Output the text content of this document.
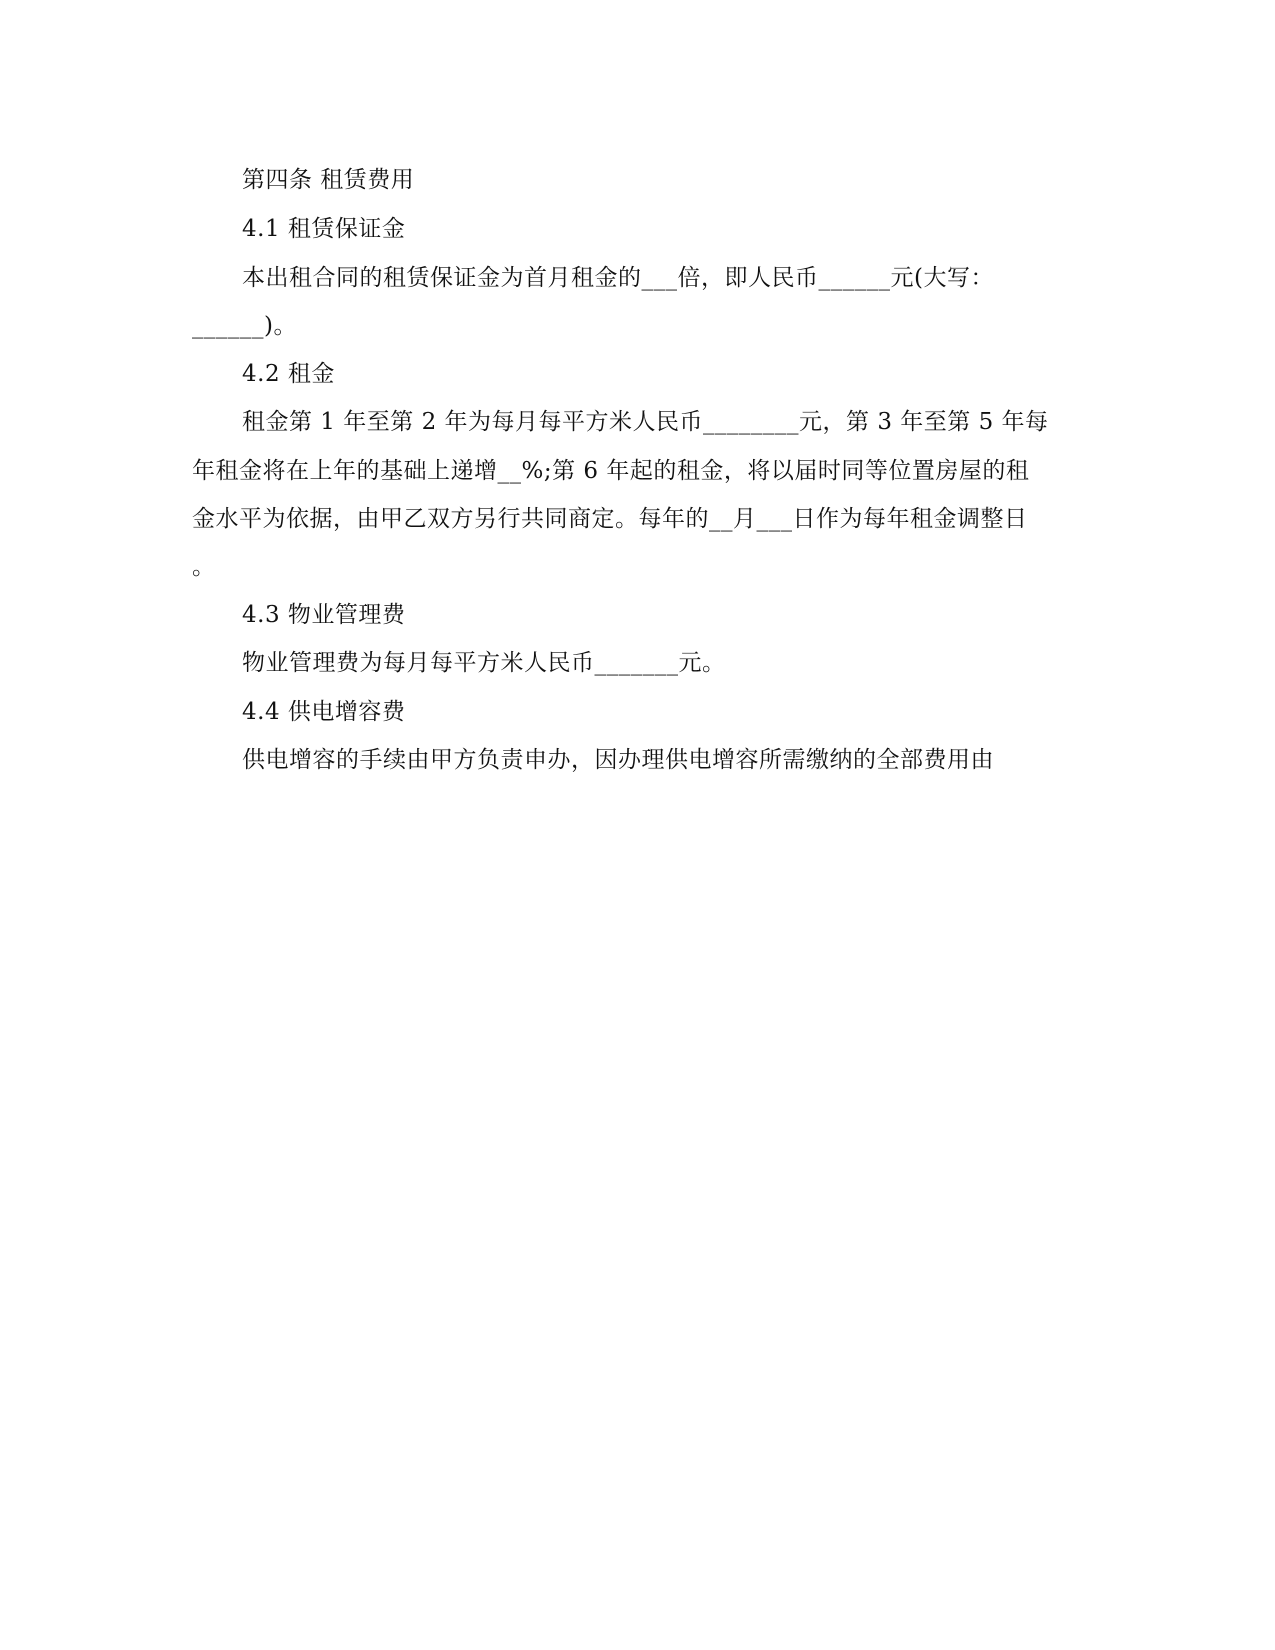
第四条 租赁费用
4.1 租赁保证金
本出租合同的租赁保证金为首月租金的___倍，即人民币______元(大写：
______)。
4.2 租金
租金第 1 年至第 2 年为每月每平方米人民币________元，第 3 年至第 5 年每
年租金将在上年的基础上递增__%;第 6 年起的租金，将以届时同等位置房屋的租
金水平为依据，由甲乙双方另行共同商定。每年的__月___日作为每年租金调整日
。
4.3 物业管理费
物业管理费为每月每平方米人民币_______元。
4.4 供电增容费
供电增容的手续由甲方负责申办，因办理供电增容所需缴纳的全部费用由
